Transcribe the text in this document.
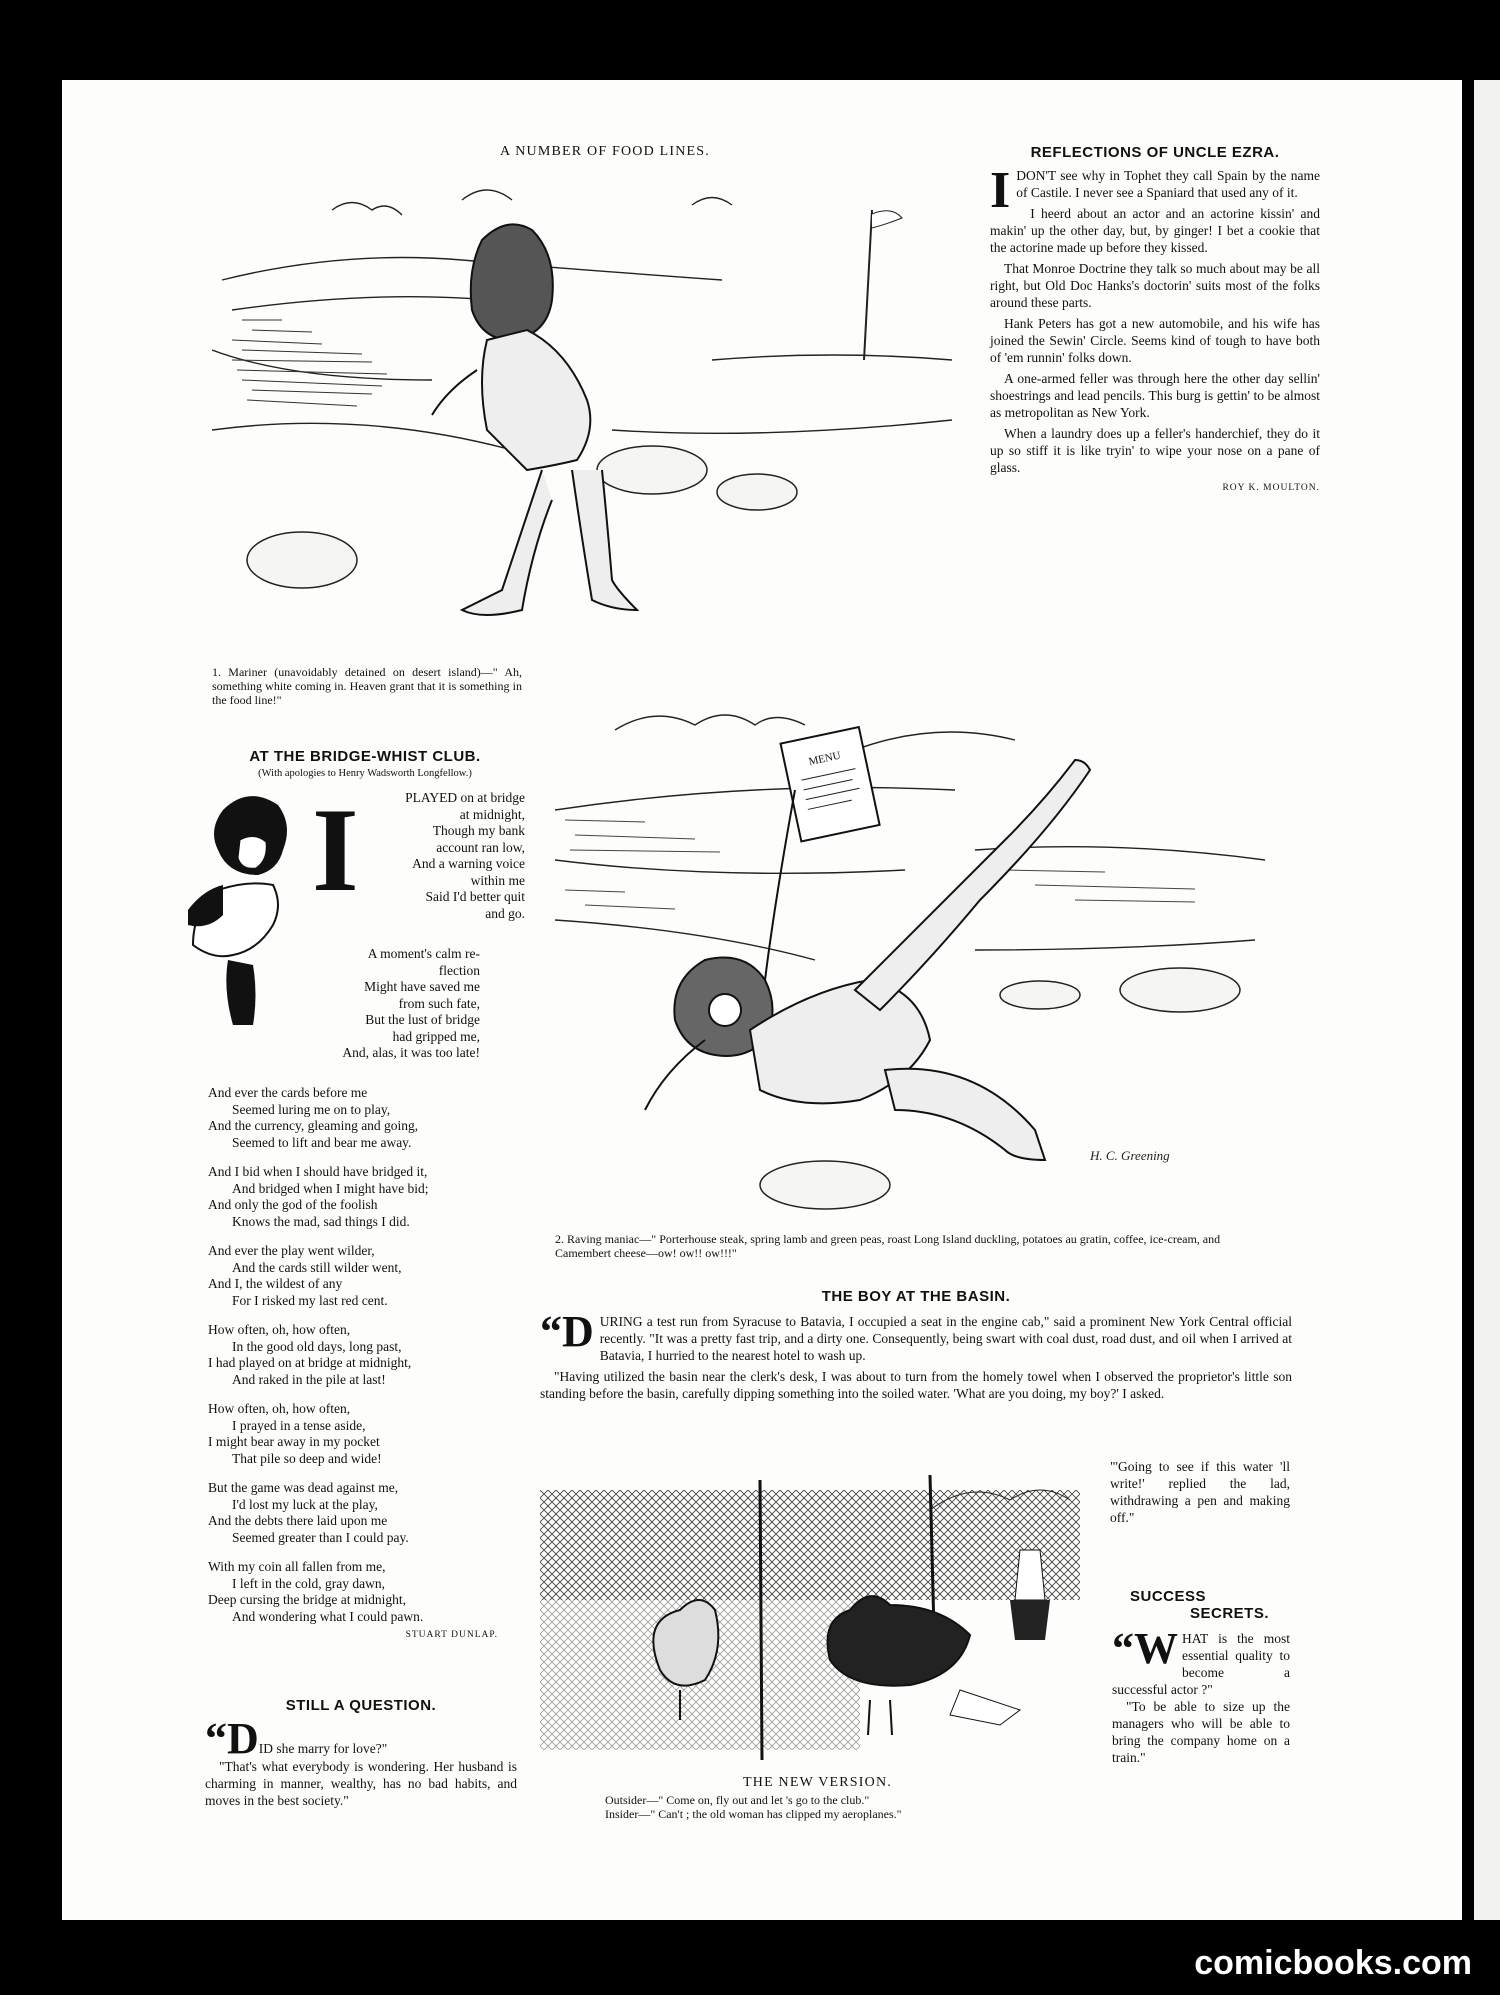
A NUMBER OF FOOD LINES.
1. Mariner (unavoidably detained on desert island)—" Ah, something white coming in. Heaven grant that it is something in the food line!"
REFLECTIONS OF UNCLE EZRA.

IDON'T see why in Tophet they call Spain by the name of Castile. I never see a Spaniard that used any of it.

I heerd about an actor and an actorine kissin' and makin' up the other day, but, by ginger! I bet a cookie that the actorine made up before they kissed.

That Monroe Doctrine they talk so much about may be all right, but Old Doc Hanks's doctorin' suits most of the folks around these parts.

Hank Peters has got a new automobile, and his wife has joined the Sewin' Circle. Seems kind of tough to have both of 'em runnin' folks down.

A one-armed feller was through here the other day sellin' shoestrings and lead pencils. This burg is gettin' to be almost as metropolitan as New York.

When a laundry does up a feller's handerchief, they do it up so stiff it is like tryin' to wipe your nose on a pane of glass.

ROY K. MOULTON.
AT THE BRIDGE-WHIST CLUB.
(With apologies to Henry Wadsworth Longfellow.)
I	PLAYED on at bridge
at midnight,
Though my bank
account ran low,
And a warning voice
within me
Said I'd better quit
and go.
A moment's calm re-
flection
Might have saved me
from such fate,
But the lust of bridge
had gripped me,
And, alas, it was too late!
And ever the cards before me
Seemed luring me on to play,
And the currency, gleaming and going,
Seemed to lift and bear me away.
And I bid when I should have bridged it,
And bridged when I might have bid;
And only the god of the foolish
Knows the mad, sad things I did.
And ever the play went wilder,
And the cards still wilder went,
And I, the wildest of any
For I risked my last red cent.
How often, oh, how often,
In the good old days, long past,
I had played on at bridge at midnight,
And raked in the pile at last!
How often, oh, how often,
I prayed in a tense aside,
I might bear away in my pocket
That pile so deep and wide!
But the game was dead against me,
I'd lost my luck at the play,
And the debts there laid upon me
Seemed greater than I could pay.
With my coin all fallen from me,
I left in the cold, gray dawn,
Deep cursing the bridge at midnight,
And wondering what I could pawn.
STUART DUNLAP.
STILL A QUESTION.

“DID she marry for love?"

"That's what everybody is wondering. Her husband is charming in manner, wealthy, has no bad habits, and moves in the best society."

MENU
H. C. Greening
2. Raving maniac—" Porterhouse steak, spring lamb and green peas, roast Long Island duckling, potatoes au gratin, coffee, ice-cream, and Camembert cheese—ow! ow!! ow!!!"
THE BOY AT THE BASIN.

“DURING a test run from Syracuse to Batavia, I occupied a seat in the engine cab," said a prominent New York Central official recently. "It was a pretty fast trip, and a dirty one. Consequently, being swart with coal dust, road dust, and oil when I arrived at Batavia, I hurried to the nearest hotel to wash up.

"Having utilized the basin near the clerk's desk, I was about to turn from the homely towel when I observed the proprietor's little son standing before the basin, carefully dipping something into the soiled water. 'What are you doing, my boy?' I asked.

"'Going to see if this water 'll write!' replied the lad, withdrawing a pen and making off."
THE NEW VERSION.
Outsider—" Come on, fly out and let 's go to the club."
Insider—" Can't ; the old woman has clipped my aeroplanes."
SUCCESS
SECRETS.

“WHAT is the most essential quality to become a successful actor ?"

"To be able to size up the managers who will be able to bring the company home on a train."

comicbooks.com
